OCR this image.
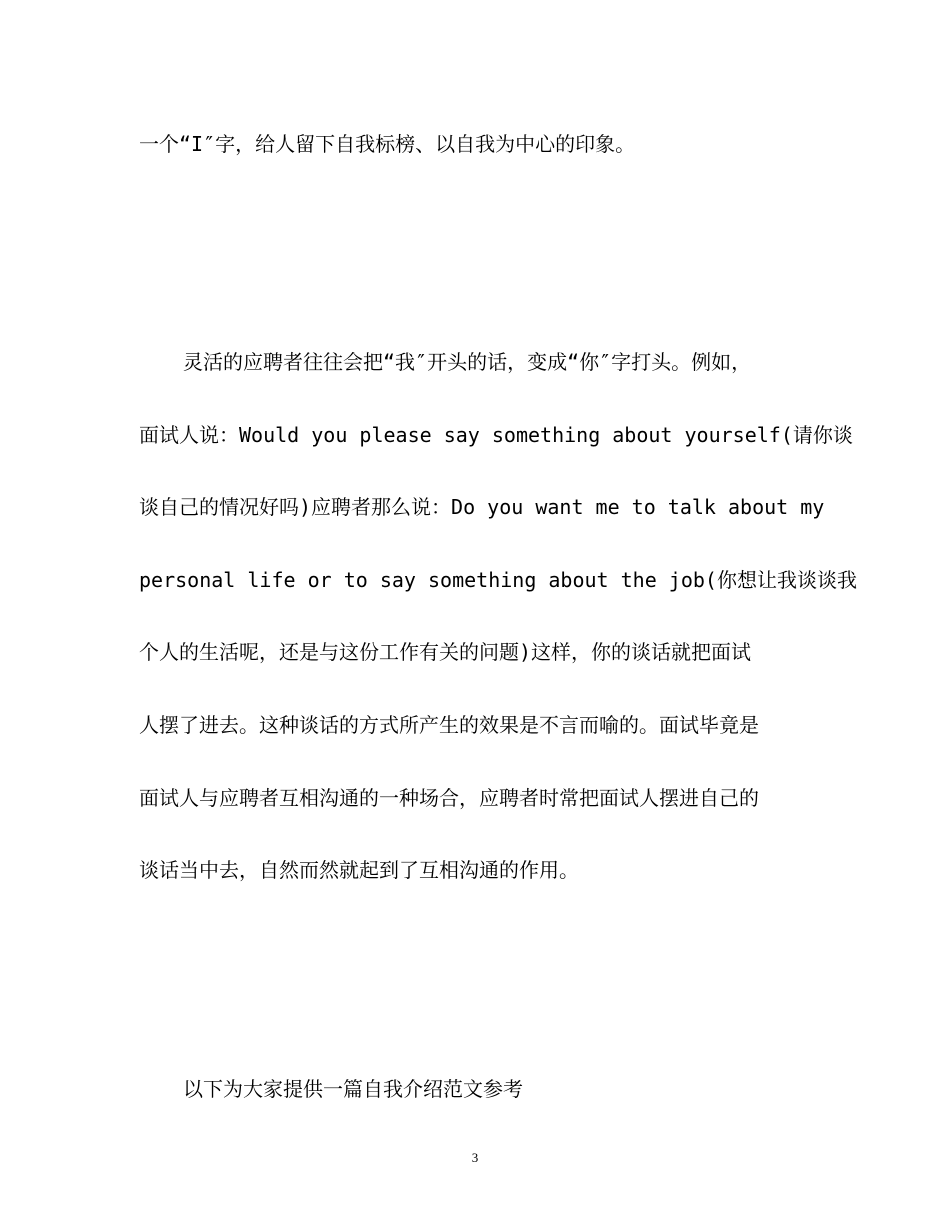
一个“I″字，给人留下自我标榜、以自我为中心的印象。
灵活的应聘者往往会把“我″开头的话，变成“你″字打头。例如，
面试人说：Would you please say something about yourself(请你谈
谈自己的情况好吗)应聘者那么说：Do you want me to talk about my
personal life or to say something about the job(你想让我谈谈我
个人的生活呢，还是与这份工作有关的问题)这样，你的谈话就把面试
人摆了进去。这种谈话的方式所产生的效果是不言而喻的。面试毕竟是
面试人与应聘者互相沟通的一种场合，应聘者时常把面试人摆进自己的
谈话当中去，自然而然就起到了互相沟通的作用。
以下为大家提供一篇自我介绍范文参考
3
